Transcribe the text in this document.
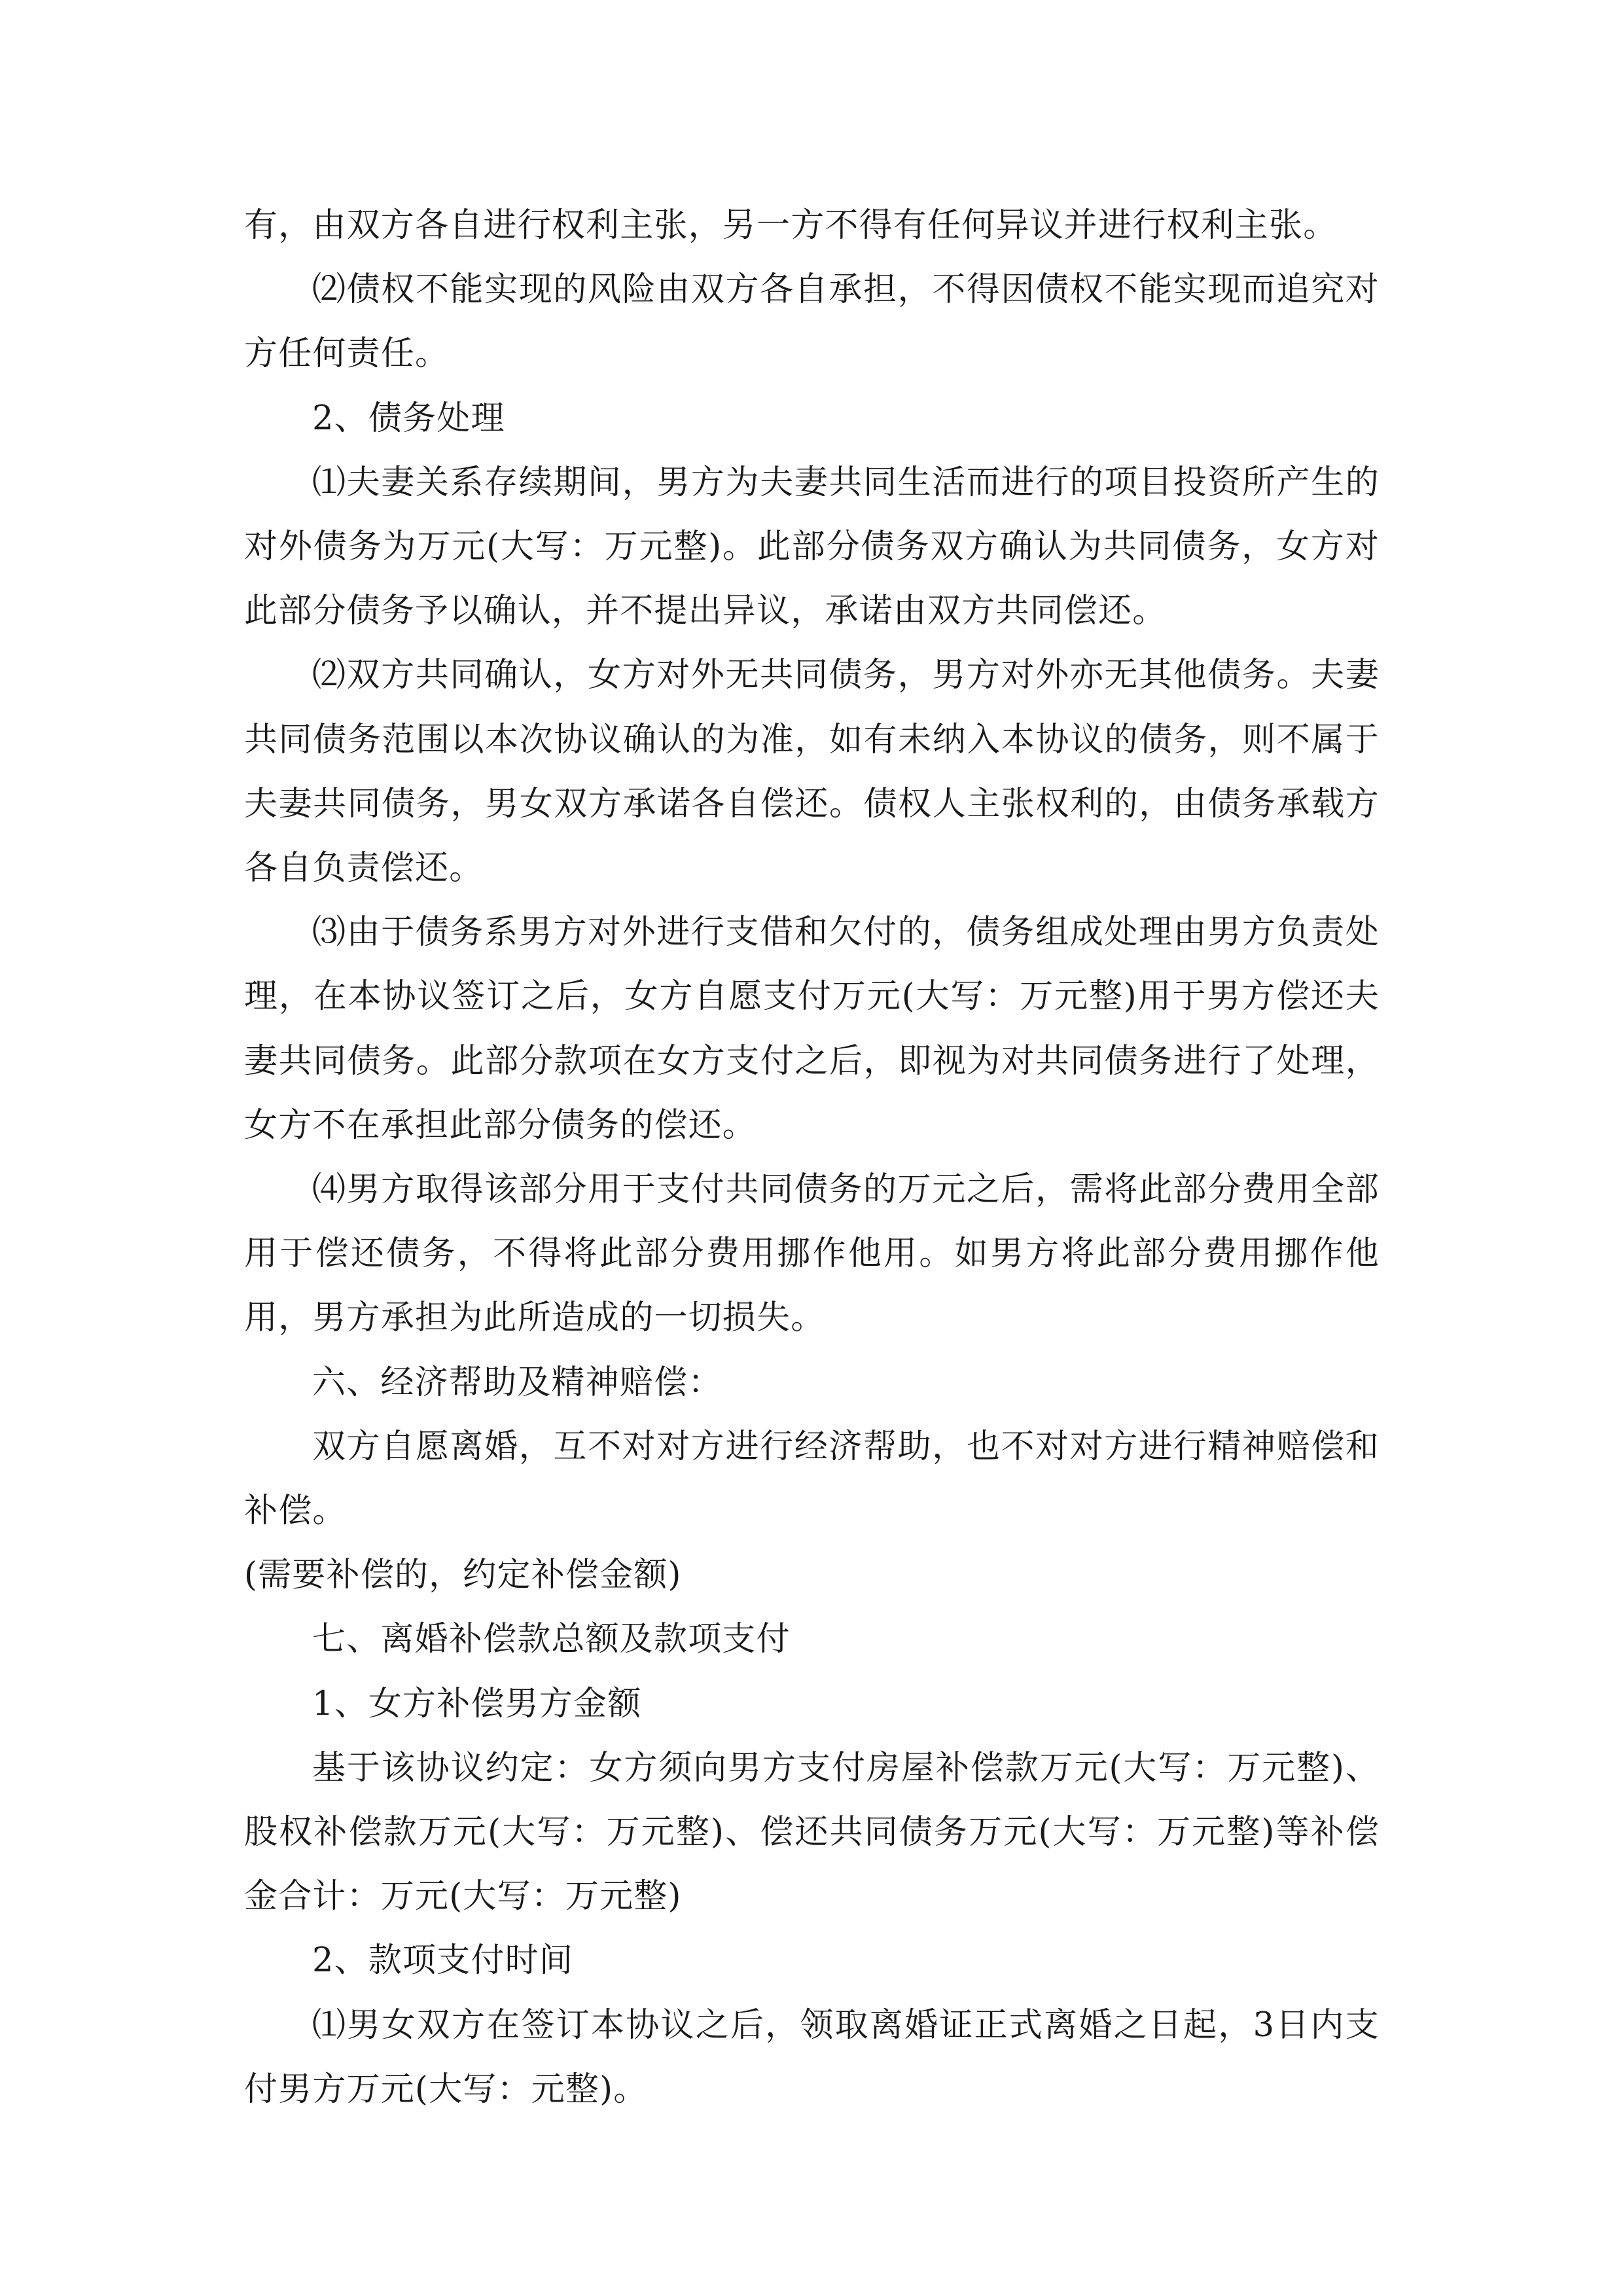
有，由双方各自进行权利主张，另一方不得有任何异议并进行权利主张。

⑵债权不能实现的风险由双方各自承担，不得因债权不能实现而追究对方任何责任。

2、债务处理

⑴夫妻关系存续期间，男方为夫妻共同生活而进行的项目投资所产生的对外债务为万元(大写：万元整)。此部分债务双方确认为共同债务，女方对此部分债务予以确认，并不提出异议，承诺由双方共同偿还。

⑵双方共同确认，女方对外无共同债务，男方对外亦无其他债务。夫妻共同债务范围以本次协议确认的为准，如有未纳入本协议的债务，则不属于夫妻共同债务，男女双方承诺各自偿还。债权人主张权利的，由债务承载方各自负责偿还。

⑶由于债务系男方对外进行支借和欠付的，债务组成处理由男方负责处理，在本协议签订之后，女方自愿支付万元(大写：万元整)用于男方偿还夫妻共同债务。此部分款项在女方支付之后，即视为对共同债务进行了处理，女方不在承担此部分债务的偿还。

⑷男方取得该部分用于支付共同债务的万元之后，需将此部分费用全部用于偿还债务，不得将此部分费用挪作他用。如男方将此部分费用挪作他用，男方承担为此所造成的一切损失。

六、经济帮助及精神赔偿：

双方自愿离婚，互不对对方进行经济帮助，也不对对方进行精神赔偿和补偿。

(需要补偿的，约定补偿金额)

七、离婚补偿款总额及款项支付

1、女方补偿男方金额

基于该协议约定：女方须向男方支付房屋补偿款万元(大写：万元整)、股权补偿款万元(大写：万元整)、偿还共同债务万元(大写：万元整)等补偿金合计：万元(大写：万元整)

2、款项支付时间

⑴男女双方在签订本协议之后，领取离婚证正式离婚之日起，3日内支付男方万元(大写：元整)。
